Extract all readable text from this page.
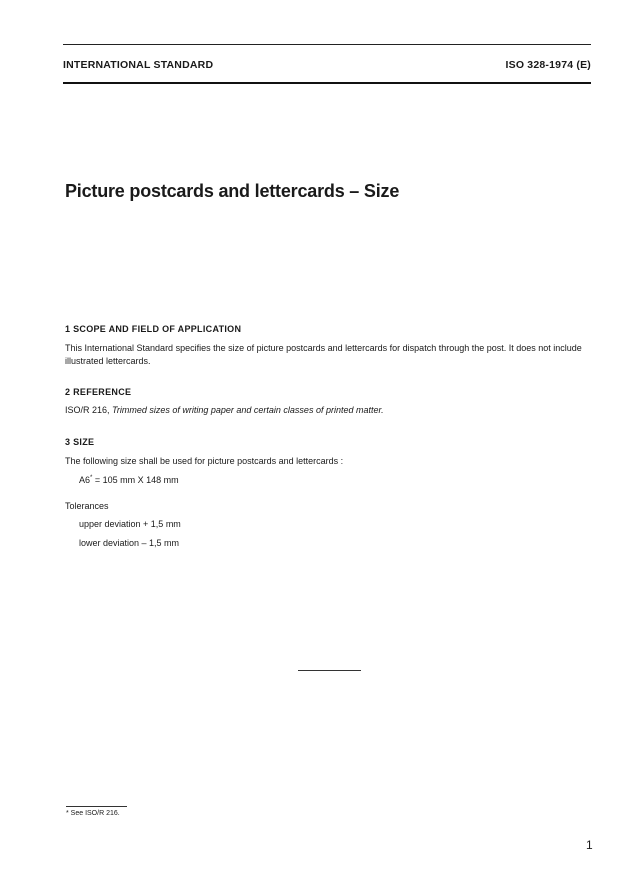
INTERNATIONAL STANDARD	ISO 328-1974 (E)
Picture postcards and lettercards – Size
1 SCOPE AND FIELD OF APPLICATION
This International Standard specifies the size of picture postcards and lettercards for dispatch through the post. It does not include illustrated lettercards.
2 REFERENCE
ISO/R 216, Trimmed sizes of writing paper and certain classes of printed matter.
3 SIZE
The following size shall be used for picture postcards and lettercards :
A6* = 105 mm X 148 mm
Tolerances
upper deviation + 1,5 mm
lower deviation – 1,5 mm
* See ISO/R 216.
1
